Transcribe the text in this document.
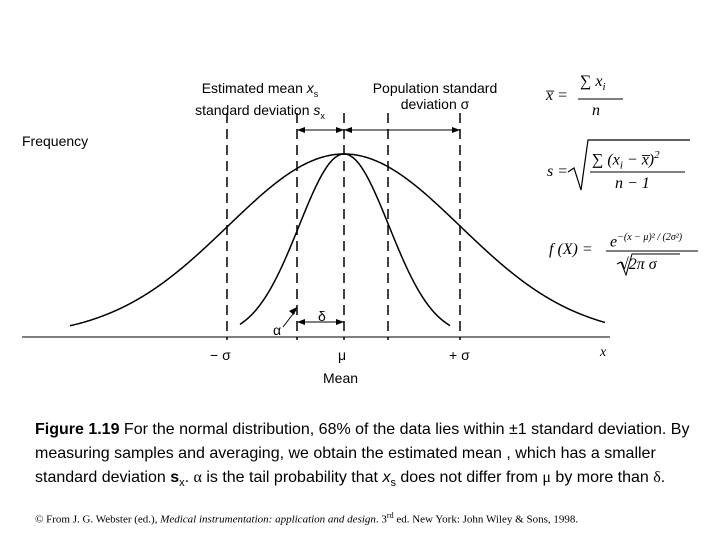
Frequency
x
μ
Mean
− σ	+ σ
α
δ
Estimated mean $x_s$
standard deviation $s_x$
Population standard
deviation σ	x̅ =
∑ $x_i$
n
s =
∑ ($x_i$ − x̅)$^2$
n − 1
f $(X) = e^{-(x - \mu)^2 / (2\sigma^2)}$
√2π σ
Figure 1.19 For the normal distribution, 68% of the data lies within ±1 standard deviation. By measuring samples and averaging, we obtain the estimated mean , which has a smaller standard deviation $s_x$. α is the tail probability that $x_s$ does not differ from μ by more than δ.
© From J. G. Webster (ed.), Medical instrumentation: application and design. 3rd ed. New York: John Wiley & Sons, 1998.
